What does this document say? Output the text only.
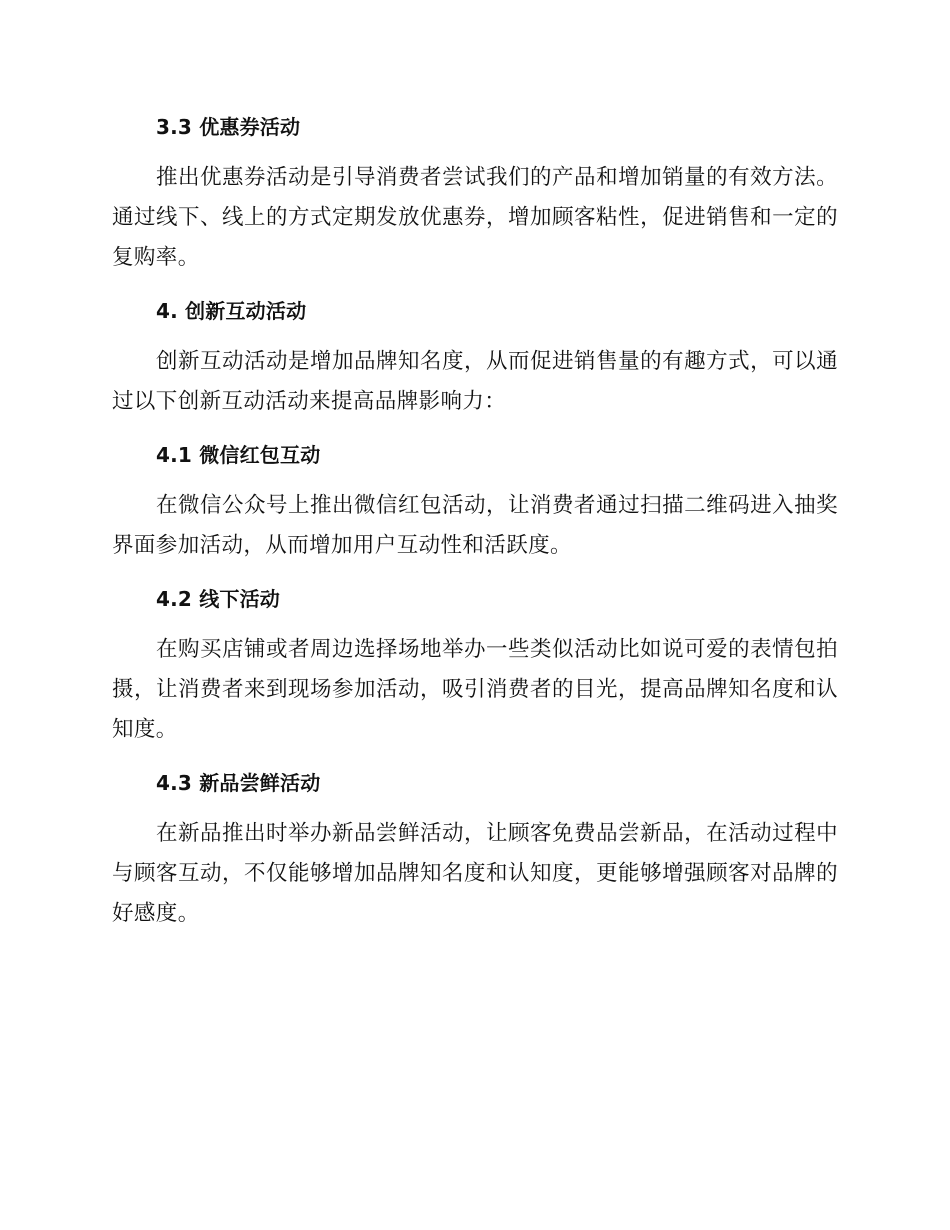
3.3 优惠券活动

推出优惠券活动是引导消费者尝试我们的产品和增加销量的有效方法。通过线下、线上的方式定期发放优惠券，增加顾客粘性，促进销售和一定的复购率。

4. 创新互动活动

创新互动活动是增加品牌知名度，从而促进销售量的有趣方式，可以通过以下创新互动活动来提高品牌影响力：

4.1 微信红包互动

在微信公众号上推出微信红包活动，让消费者通过扫描二维码进入抽奖界面参加活动，从而增加用户互动性和活跃度。

4.2 线下活动

在购买店铺或者周边选择场地举办一些类似活动比如说可爱的表情包拍摄，让消费者来到现场参加活动，吸引消费者的目光，提高品牌知名度和认知度。

4.3 新品尝鲜活动

在新品推出时举办新品尝鲜活动，让顾客免费品尝新品，在活动过程中与顾客互动，不仅能够增加品牌知名度和认知度，更能够增强顾客对品牌的好感度。
